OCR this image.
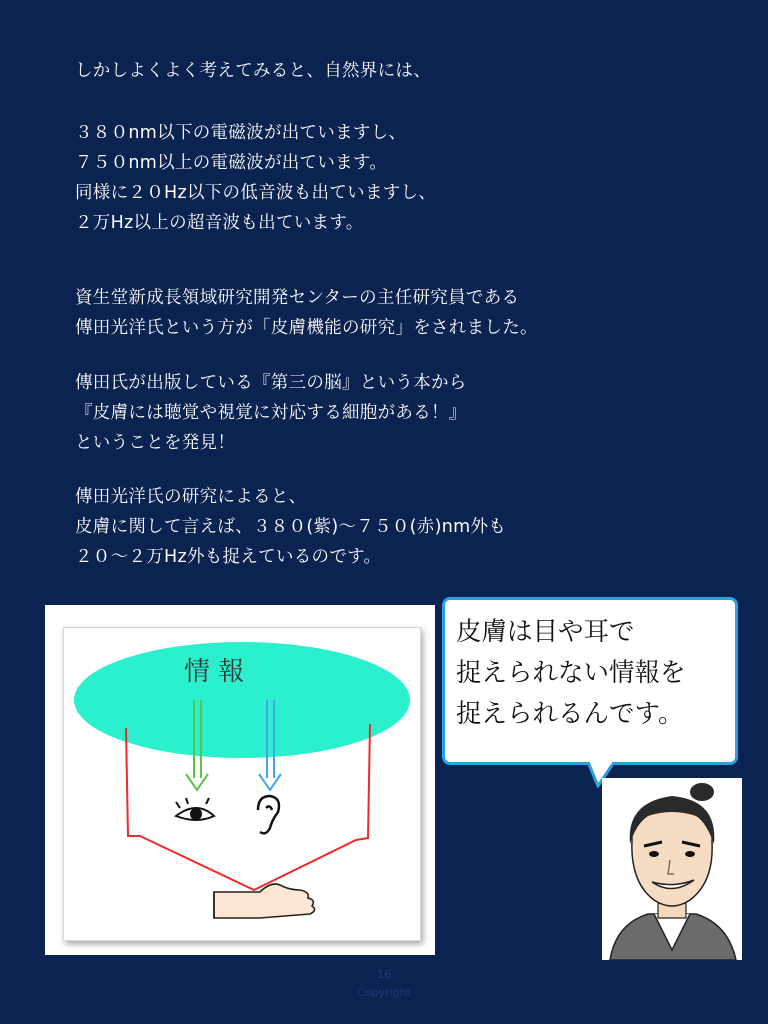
しかしよくよく考えてみると、自然界には、
３８０nm以下の電磁波が出ていますし、
７５０nm以上の電磁波が出ています。
同様に２０Hz以下の低音波も出ていますし、
２万Hz以上の超音波も出ています。
資生堂新成長領域研究開発センターの主任研究員である
傳田光洋氏という方が「皮膚機能の研究」をされました。
傳田氏が出版している『第三の脳』という本から
『皮膚には聴覚や視覚に対応する細胞がある！』
ということを発見！
傳田光洋氏の研究によると、
皮膚に関して言えば、３８０(紫)〜７５０(赤)nm外も
２０〜２万Hz外も捉えているのです。
情 報
皮膚は目や耳で
捉えられない情報を
捉えられるんです。
16
Copyright
